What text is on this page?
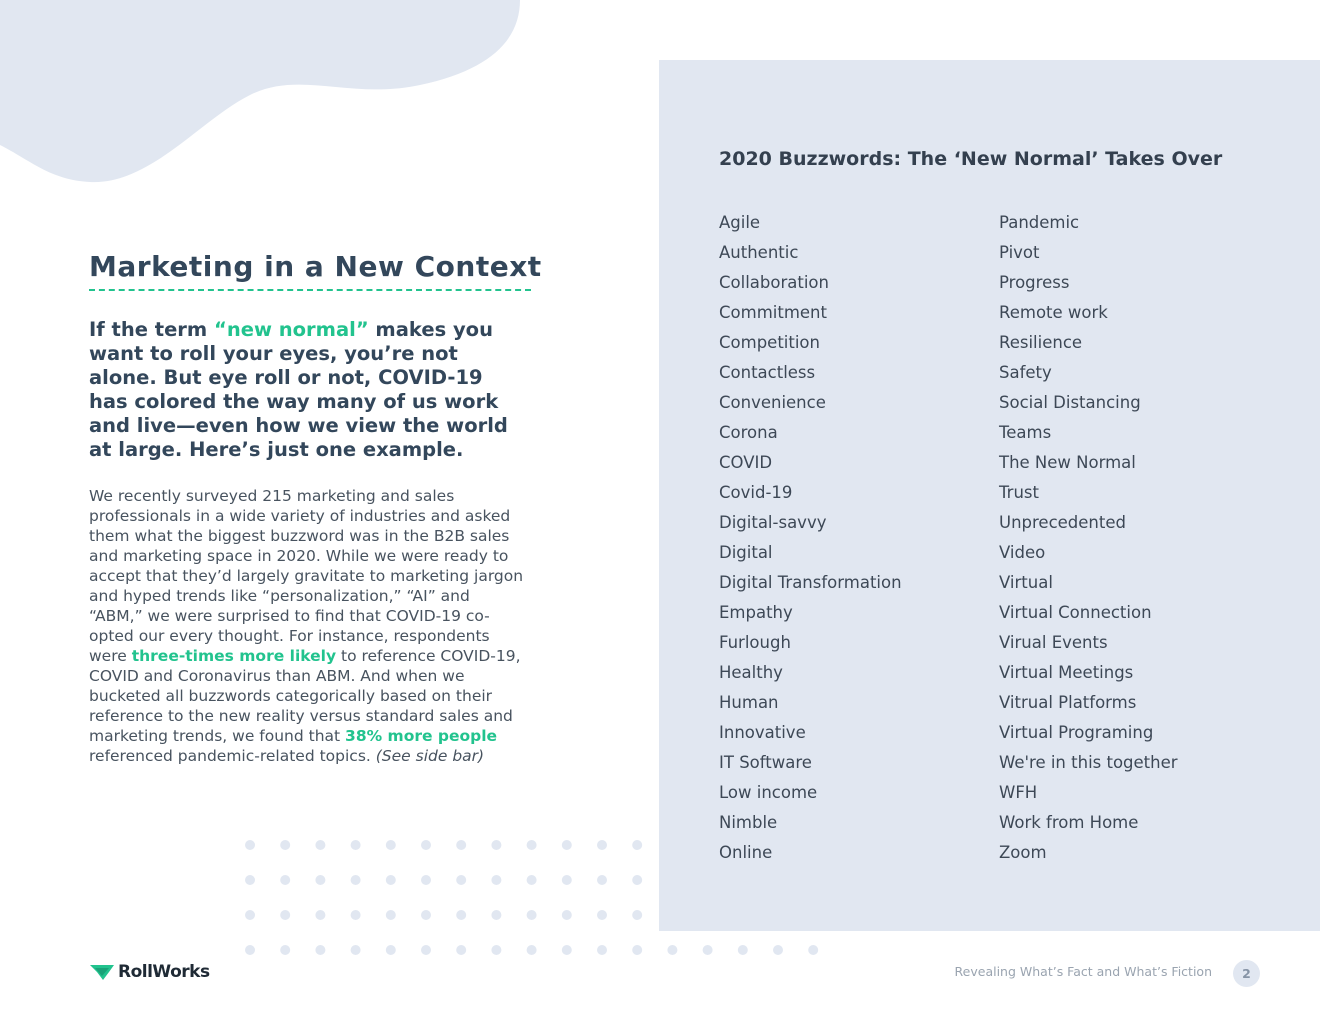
2020 Buzzwords: The ‘New Normal’ Takes Over
Agile
Authentic
Collaboration
Commitment
Competition
Contactless
Convenience
Corona
COVID
Covid-19
Digital-savvy
Digital
Digital Transformation
Empathy
Furlough
Healthy
Human
Innovative
IT Software
Low income
Nimble
Online
Pandemic
Pivot
Progress
Remote work
Resilience
Safety
Social Distancing
Teams
The New Normal
Trust
Unprecedented
Video
Virtual
Virtual Connection
Virual Events
Virtual Meetings
Vitrual Platforms
Virtual Programing
We're in this together
WFH
Work from Home
Zoom
Marketing in a New Context

If the term “new normal” makes you want to roll your eyes, you’re not alone. But eye roll or not, COVID-19 has colored the way many of us work and live—even how we view the world at large. Here’s just one example.

We recently surveyed 215 marketing and sales professionals in a wide variety of industries and asked them what the biggest buzzword was in the B2B sales and marketing space in 2020. While we were ready to accept that they’d largely gravitate to marketing jargon and hyped trends like “personalization,” “AI” and “ABM,” we were surprised to find that COVID-19 co-opted our every thought. For instance, respondents were three-times more likely to reference COVID-19, COVID and Coronavirus than ABM. And when we bucketed all buzzwords categorically based on their reference to the new reality versus standard sales and marketing trends, we found that 38% more people referenced pandemic-related topics. (See side bar)

RollWorks	Revealing What’s Fact and What’s Fiction	2
